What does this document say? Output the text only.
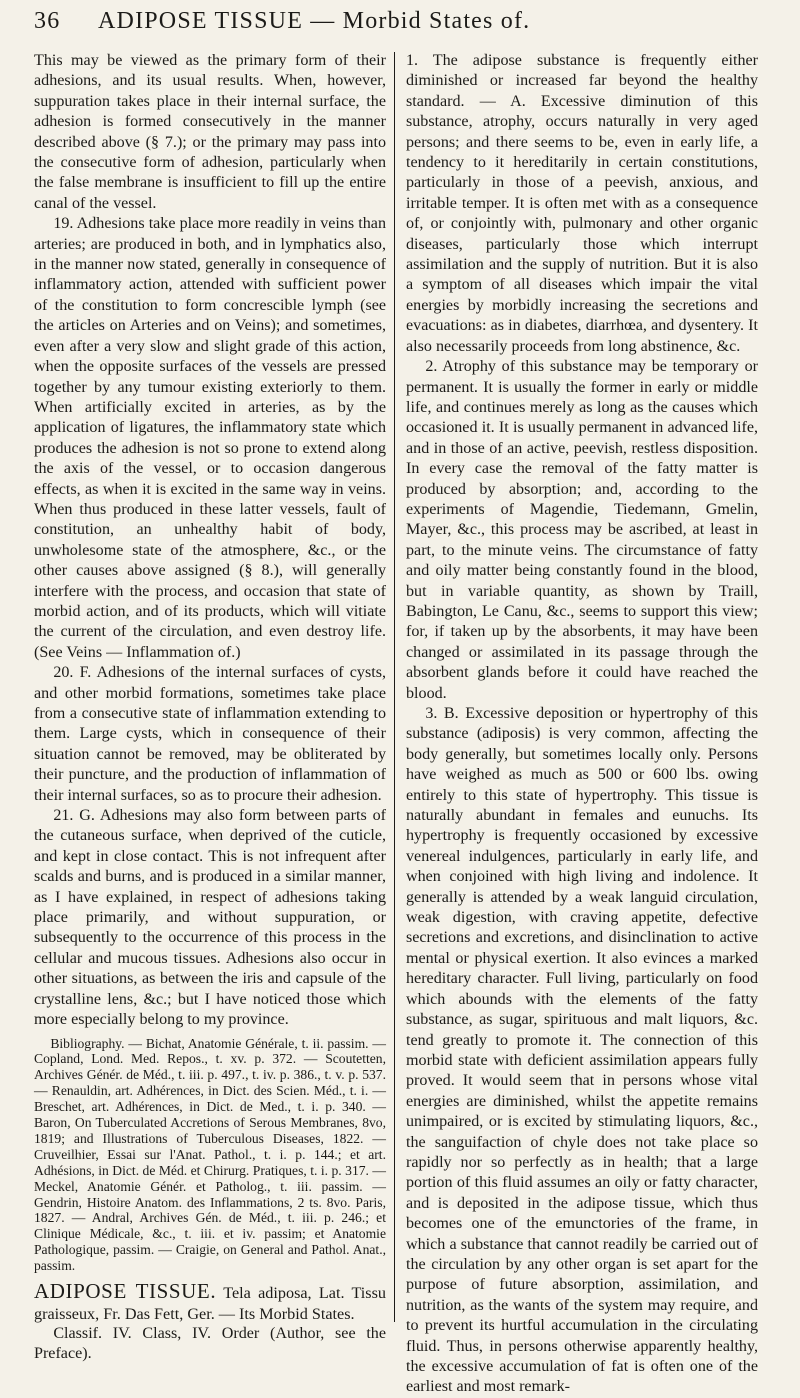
36 ADIPOSE TISSUE — Morbid States of.

This may be viewed as the primary form of their adhesions, and its usual results. When, however, suppuration takes place in their internal surface, the adhesion is formed consecutively in the manner described above (§ 7.); or the primary may pass into the consecutive form of adhesion, particularly when the false membrane is insufficient to fill up the entire canal of the vessel.

19. Adhesions take place more readily in veins than arteries; are produced in both, and in lymphatics also, in the manner now stated, generally in consequence of inflammatory action, attended with sufficient power of the constitution to form concrescible lymph (see the articles on Arteries and on Veins); and sometimes, even after a very slow and slight grade of this action, when the opposite surfaces of the vessels are pressed together by any tumour existing exteriorly to them. When artificially excited in arteries, as by the application of ligatures, the inflammatory state which produces the adhesion is not so prone to extend along the axis of the vessel, or to occasion dangerous effects, as when it is excited in the same way in veins. When thus produced in these latter vessels, fault of constitution, an unhealthy habit of body, unwholesome state of the atmosphere, &c., or the other causes above assigned (§ 8.), will generally interfere with the process, and occasion that state of morbid action, and of its products, which will vitiate the current of the circulation, and even destroy life. (See Veins — Inflammation of.)

20. F. Adhesions of the internal surfaces of cysts, and other morbid formations, sometimes take place from a consecutive state of inflammation extending to them. Large cysts, which in consequence of their situation cannot be removed, may be obliterated by their puncture, and the production of inflammation of their internal surfaces, so as to procure their adhesion.

21. G. Adhesions may also form between parts of the cutaneous surface, when deprived of the cuticle, and kept in close contact. This is not infrequent after scalds and burns, and is produced in a similar manner, as I have explained, in respect of adhesions taking place primarily, and without suppuration, or subsequently to the occurrence of this process in the cellular and mucous tissues. Adhesions also occur in other situations, as between the iris and capsule of the crystalline lens, &c.; but I have noticed those which more especially belong to my province.

Bibliography. — Bichat, Anatomie Générale, t. ii. passim. — Copland, Lond. Med. Repos., t. xv. p. 372. — Scoutetten, Archives Génér. de Méd., t. iii. p. 497., t. iv. p. 386., t. v. p. 537. — Renauldin, art. Adhérences, in Dict. des Scien. Méd., t. i. — Breschet, art. Adhérences, in Dict. de Med., t. i. p. 340. — Baron, On Tuberculated Accretions of Serous Membranes, 8vo, 1819; and Illustrations of Tuberculous Diseases, 1822. — Cruveilhier, Essai sur l'Anat. Pathol., t. i. p. 144.; et art. Adhésions, in Dict. de Méd. et Chirurg. Pratiques, t. i. p. 317. — Meckel, Anatomie Génér. et Patholog., t. iii. passim. — Gendrin, Histoire Anatom. des Inflammations, 2 ts. 8vo. Paris, 1827. — Andral, Archives Gén. de Méd., t. iii. p. 246.; et Clinique Médicale, &c., t. iii. et iv. passim; et Anatomie Pathologique, passim. — Craigie, on General and Pathol. Anat., passim.

ADIPOSE TISSUE. Tela adiposa, Lat. Tissu graisseux, Fr. Das Fett, Ger. — Its Morbid States.

Classif. IV. Class, IV. Order (Author, see the Preface).

1. The adipose substance is frequently either diminished or increased far beyond the healthy standard. — A. Excessive diminution of this substance, atrophy, occurs naturally in very aged persons; and there seems to be, even in early life, a tendency to it hereditarily in certain constitutions, particularly in those of a peevish, anxious, and irritable temper. It is often met with as a consequence of, or conjointly with, pulmonary and other organic diseases, particularly those which interrupt assimilation and the supply of nutrition. But it is also a symptom of all diseases which impair the vital energies by morbidly increasing the secretions and evacuations: as in diabetes, diarrhœa, and dysentery. It also necessarily proceeds from long abstinence, &c.

2. Atrophy of this substance may be temporary or permanent. It is usually the former in early or middle life, and continues merely as long as the causes which occasioned it. It is usually permanent in advanced life, and in those of an active, peevish, restless disposition. In every case the removal of the fatty matter is produced by absorption; and, according to the experiments of Magendie, Tiedemann, Gmelin, Mayer, &c., this process may be ascribed, at least in part, to the minute veins. The circumstance of fatty and oily matter being constantly found in the blood, but in variable quantity, as shown by Traill, Babington, Le Canu, &c., seems to support this view; for, if taken up by the absorbents, it may have been changed or assimilated in its passage through the absorbent glands before it could have reached the blood.

3. B. Excessive deposition or hypertrophy of this substance (adiposis) is very common, affecting the body generally, but sometimes locally only. Persons have weighed as much as 500 or 600 lbs. owing entirely to this state of hypertrophy. This tissue is naturally abundant in females and eunuchs. Its hypertrophy is frequently occasioned by excessive venereal indulgences, particularly in early life, and when conjoined with high living and indolence. It generally is attended by a weak languid circulation, weak digestion, with craving appetite, defective secretions and excretions, and disinclination to active mental or physical exertion. It also evinces a marked hereditary character. Full living, particularly on food which abounds with the elements of the fatty substance, as sugar, spirituous and malt liquors, &c. tend greatly to promote it. The connection of this morbid state with deficient assimilation appears fully proved. It would seem that in persons whose vital energies are diminished, whilst the appetite remains unimpaired, or is excited by stimulating liquors, &c., the sanguifaction of chyle does not take place so rapidly nor so perfectly as in health; that a large portion of this fluid assumes an oily or fatty character, and is deposited in the adipose tissue, which thus becomes one of the emunctories of the frame, in which a substance that cannot readily be carried out of the circulation by any other organ is set apart for the purpose of future absorption, assimilation, and nutrition, as the wants of the system may require, and to prevent its hurtful accumulation in the circulating fluid. Thus, in persons otherwise apparently healthy, the excessive accumulation of fat is often one of the earliest and most remark-
